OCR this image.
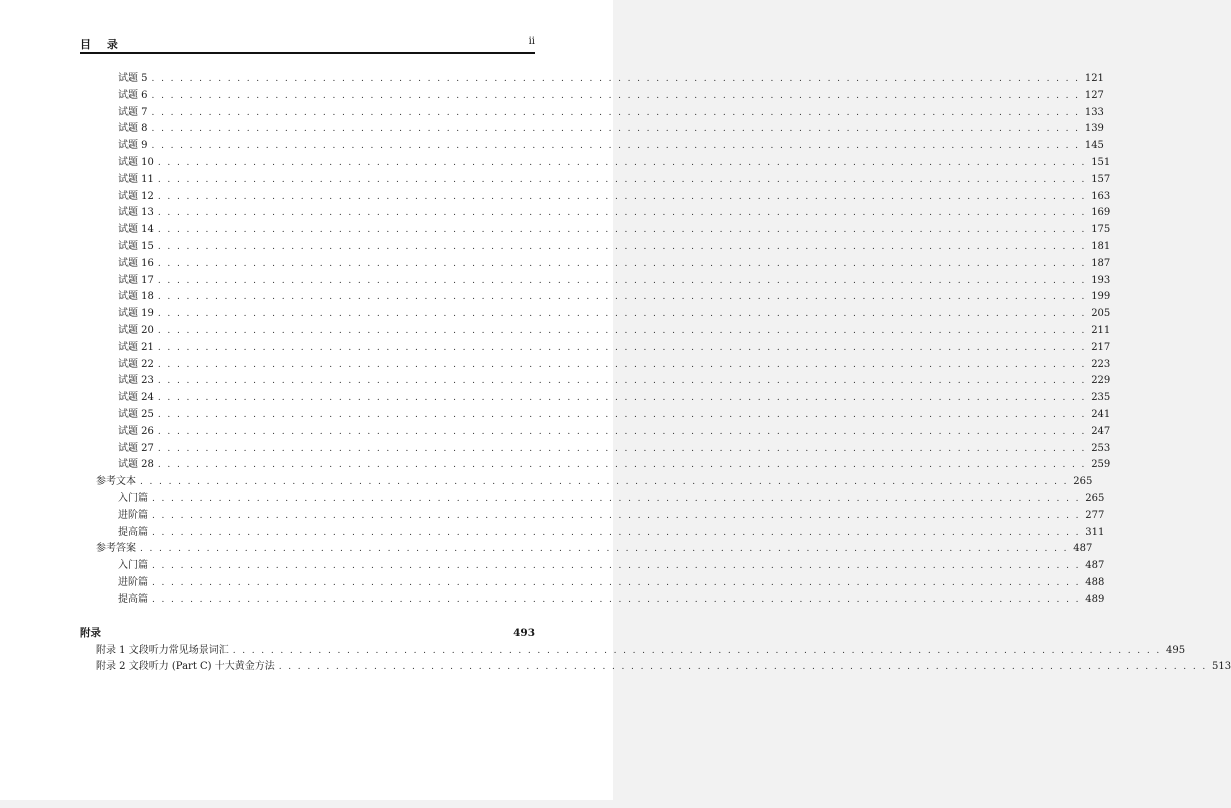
目 录	ii
试题 5 . . . . . . . . . . . . . . . . . . . . . . . . . . . . . . . . . . . . . . . . . . . . . . . . . . . . . . . . . . . . . . . . . . . . . . . . . . . . . . . . . . . . . . . . . . . . . . . . . . 121
试题 6 . . . . . . . . . . . . . . . . . . . . . . . . . . . . . . . . . . . . . . . . . . . . . . . . . . . . . . . . . . . . . . . . . . . . . . . . . . . . . . . . . . . . . . . . . . . . . . . . . . 127
试题 7 . . . . . . . . . . . . . . . . . . . . . . . . . . . . . . . . . . . . . . . . . . . . . . . . . . . . . . . . . . . . . . . . . . . . . . . . . . . . . . . . . . . . . . . . . . . . . . . . . . 133
试题 8 . . . . . . . . . . . . . . . . . . . . . . . . . . . . . . . . . . . . . . . . . . . . . . . . . . . . . . . . . . . . . . . . . . . . . . . . . . . . . . . . . . . . . . . . . . . . . . . . . . 139
试题 9 . . . . . . . . . . . . . . . . . . . . . . . . . . . . . . . . . . . . . . . . . . . . . . . . . . . . . . . . . . . . . . . . . . . . . . . . . . . . . . . . . . . . . . . . . . . . . . . . . . 145
试题 10 . . . . . . . . . . . . . . . . . . . . . . . . . . . . . . . . . . . . . . . . . . . . . . . . . . . . . . . . . . . . . . . . . . . . . . . . . . . . . . . . . . . . . . . . . . . . . . . . . . 151
试题 11 . . . . . . . . . . . . . . . . . . . . . . . . . . . . . . . . . . . . . . . . . . . . . . . . . . . . . . . . . . . . . . . . . . . . . . . . . . . . . . . . . . . . . . . . . . . . . . . . . . 157
试题 12 . . . . . . . . . . . . . . . . . . . . . . . . . . . . . . . . . . . . . . . . . . . . . . . . . . . . . . . . . . . . . . . . . . . . . . . . . . . . . . . . . . . . . . . . . . . . . . . . . . 163
试题 13 . . . . . . . . . . . . . . . . . . . . . . . . . . . . . . . . . . . . . . . . . . . . . . . . . . . . . . . . . . . . . . . . . . . . . . . . . . . . . . . . . . . . . . . . . . . . . . . . . . 169
试题 14 . . . . . . . . . . . . . . . . . . . . . . . . . . . . . . . . . . . . . . . . . . . . . . . . . . . . . . . . . . . . . . . . . . . . . . . . . . . . . . . . . . . . . . . . . . . . . . . . . . 175
试题 15 . . . . . . . . . . . . . . . . . . . . . . . . . . . . . . . . . . . . . . . . . . . . . . . . . . . . . . . . . . . . . . . . . . . . . . . . . . . . . . . . . . . . . . . . . . . . . . . . . . 181
试题 16 . . . . . . . . . . . . . . . . . . . . . . . . . . . . . . . . . . . . . . . . . . . . . . . . . . . . . . . . . . . . . . . . . . . . . . . . . . . . . . . . . . . . . . . . . . . . . . . . . . 187
试题 17 . . . . . . . . . . . . . . . . . . . . . . . . . . . . . . . . . . . . . . . . . . . . . . . . . . . . . . . . . . . . . . . . . . . . . . . . . . . . . . . . . . . . . . . . . . . . . . . . . . 193
试题 18 . . . . . . . . . . . . . . . . . . . . . . . . . . . . . . . . . . . . . . . . . . . . . . . . . . . . . . . . . . . . . . . . . . . . . . . . . . . . . . . . . . . . . . . . . . . . . . . . . . 199
试题 19 . . . . . . . . . . . . . . . . . . . . . . . . . . . . . . . . . . . . . . . . . . . . . . . . . . . . . . . . . . . . . . . . . . . . . . . . . . . . . . . . . . . . . . . . . . . . . . . . . . 205
试题 20 . . . . . . . . . . . . . . . . . . . . . . . . . . . . . . . . . . . . . . . . . . . . . . . . . . . . . . . . . . . . . . . . . . . . . . . . . . . . . . . . . . . . . . . . . . . . . . . . . . 211
试题 21 . . . . . . . . . . . . . . . . . . . . . . . . . . . . . . . . . . . . . . . . . . . . . . . . . . . . . . . . . . . . . . . . . . . . . . . . . . . . . . . . . . . . . . . . . . . . . . . . . . 217
试题 22 . . . . . . . . . . . . . . . . . . . . . . . . . . . . . . . . . . . . . . . . . . . . . . . . . . . . . . . . . . . . . . . . . . . . . . . . . . . . . . . . . . . . . . . . . . . . . . . . . . 223
试题 23 . . . . . . . . . . . . . . . . . . . . . . . . . . . . . . . . . . . . . . . . . . . . . . . . . . . . . . . . . . . . . . . . . . . . . . . . . . . . . . . . . . . . . . . . . . . . . . . . . . 229
试题 24 . . . . . . . . . . . . . . . . . . . . . . . . . . . . . . . . . . . . . . . . . . . . . . . . . . . . . . . . . . . . . . . . . . . . . . . . . . . . . . . . . . . . . . . . . . . . . . . . . . 235
试题 25 . . . . . . . . . . . . . . . . . . . . . . . . . . . . . . . . . . . . . . . . . . . . . . . . . . . . . . . . . . . . . . . . . . . . . . . . . . . . . . . . . . . . . . . . . . . . . . . . . . 241
试题 26 . . . . . . . . . . . . . . . . . . . . . . . . . . . . . . . . . . . . . . . . . . . . . . . . . . . . . . . . . . . . . . . . . . . . . . . . . . . . . . . . . . . . . . . . . . . . . . . . . . 247
试题 27 . . . . . . . . . . . . . . . . . . . . . . . . . . . . . . . . . . . . . . . . . . . . . . . . . . . . . . . . . . . . . . . . . . . . . . . . . . . . . . . . . . . . . . . . . . . . . . . . . . 253
试题 28 . . . . . . . . . . . . . . . . . . . . . . . . . . . . . . . . . . . . . . . . . . . . . . . . . . . . . . . . . . . . . . . . . . . . . . . . . . . . . . . . . . . . . . . . . . . . . . . . . . 259
参考文本 . . . . . . . . . . . . . . . . . . . . . . . . . . . . . . . . . . . . . . . . . . . . . . . . . . . . . . . . . . . . . . . . . . . . . . . . . . . . . . . . . . . . . . . . . . . . . . . . . . 265
入门篇 . . . . . . . . . . . . . . . . . . . . . . . . . . . . . . . . . . . . . . . . . . . . . . . . . . . . . . . . . . . . . . . . . . . . . . . . . . . . . . . . . . . . . . . . . . . . . . . . . . 265
进阶篇 . . . . . . . . . . . . . . . . . . . . . . . . . . . . . . . . . . . . . . . . . . . . . . . . . . . . . . . . . . . . . . . . . . . . . . . . . . . . . . . . . . . . . . . . . . . . . . . . . . 277
提高篇 . . . . . . . . . . . . . . . . . . . . . . . . . . . . . . . . . . . . . . . . . . . . . . . . . . . . . . . . . . . . . . . . . . . . . . . . . . . . . . . . . . . . . . . . . . . . . . . . . . 311
参考答案 . . . . . . . . . . . . . . . . . . . . . . . . . . . . . . . . . . . . . . . . . . . . . . . . . . . . . . . . . . . . . . . . . . . . . . . . . . . . . . . . . . . . . . . . . . . . . . . . . . 487
入门篇 . . . . . . . . . . . . . . . . . . . . . . . . . . . . . . . . . . . . . . . . . . . . . . . . . . . . . . . . . . . . . . . . . . . . . . . . . . . . . . . . . . . . . . . . . . . . . . . . . . 487
进阶篇 . . . . . . . . . . . . . . . . . . . . . . . . . . . . . . . . . . . . . . . . . . . . . . . . . . . . . . . . . . . . . . . . . . . . . . . . . . . . . . . . . . . . . . . . . . . . . . . . . . 488
提高篇 . . . . . . . . . . . . . . . . . . . . . . . . . . . . . . . . . . . . . . . . . . . . . . . . . . . . . . . . . . . . . . . . . . . . . . . . . . . . . . . . . . . . . . . . . . . . . . . . . . 489
附录	493
附录 1 文段听力常见场景词汇 . . . . . . . . . . . . . . . . . . . . . . . . . . . . . . . . . . . . . . . . . . . . . . . . . . . . . . . . . . . . . . . . . . . . . . . . . . . . . . . . . . . . . . . . . . . . . . . . . . 495
附录 2 文段听力 (Part C) 十大黄金方法 . . . . . . . . . . . . . . . . . . . . . . . . . . . . . . . . . . . . . . . . . . . . . . . . . . . . . . . . . . . . . . . . . . . . . . . . . . . . . . . . . . . . . . . . . . . . . . . . . . 513
